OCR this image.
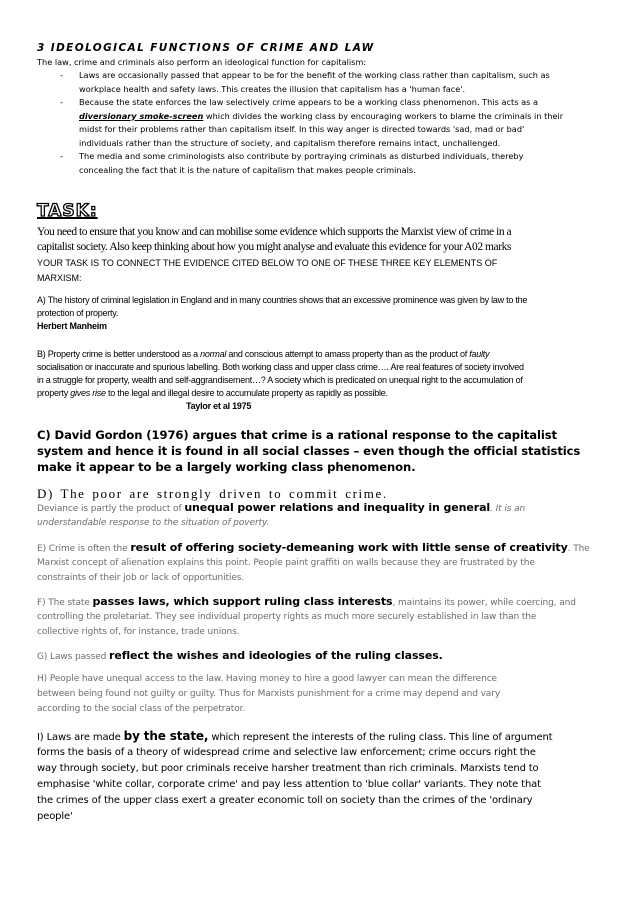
3 IDEOLOGICAL FUNCTIONS OF CRIME AND LAW
The law, crime and criminals also perform an ideological function for capitalism:
- Laws are occasionally passed that appear to be for the benefit of the working class rather than capitalism, such as
workplace health and safety laws. This creates the illusion that capitalism has a 'human face'.
- Because the state enforces the law selectively crime appears to be a working class phenomenon. This acts as a
diversionary smoke-screen which divides the working class by encouraging workers to blame the criminals in their
midst for their problems rather than capitalism itself. In this way anger is directed towards 'sad, mad or bad'
individuals rather than the structure of society, and capitalism therefore remains intact, unchallenged.
- The media and some criminologists also contribute by portraying criminals as disturbed individuals, thereby
concealing the fact that it is the nature of capitalism that makes people criminals.
TASK:
You need to ensure that you know and can mobilise some evidence which supports the Marxist view of crime in a
capitalist society. Also keep thinking about how you might analyse and evaluate this evidence for your A02 marks
YOUR TASK IS TO CONNECT THE EVIDENCE CITED BELOW TO ONE OF THESE THREE KEY ELEMENTS OF
MARXISM:
A) The history of criminal legislation in England and in many countries shows that an excessive prominence was given by law to the
protection of property.
Herbert Manheim
B) Property crime is better understood as a normal and conscious attempt to amass property than as the product of faulty
socialisation or inaccurate and spurious labelling. Both working class and upper class crime…. Are real features of society involved
in a struggle for property, wealth and self-aggrandisement…? A society which is predicated on unequal right to the accumulation of
property gives rise to the legal and illegal desire to accumulate property as rapidly as possible.
Taylor et al 1975
C) David Gordon (1976) argues that crime is a rational response to the capitalist
system and hence it is found in all social classes – even though the official statistics
make it appear to be a largely working class phenomenon.
D) The poor are strongly driven to commit crime.
Deviance is partly the product of unequal power relations and inequality in general. It is an
understandable response to the situation of poverty.
E) Crime is often the result of offering society-demeaning work with little sense of creativity. The
Marxist concept of alienation explains this point. People paint graffiti on walls because they are frustrated by the
constraints of their job or lack of opportunities.
F) The state passes laws, which support ruling class interests, maintains its power, while coercing, and
controlling the proletariat. They see individual property rights as much more securely established in law than the
collective rights of, for instance, trade unions.
G) Laws passed reflect the wishes and ideologies of the ruling classes.
H) People have unequal access to the law. Having money to hire a good lawyer can mean the difference
between being found not guilty or guilty. Thus for Marxists punishment for a crime may depend and vary
according to the social class of the perpetrator.
I) Laws are made by the state, which represent the interests of the ruling class. This line of argument
forms the basis of a theory of widespread crime and selective law enforcement; crime occurs right the
way through society, but poor criminals receive harsher treatment than rich criminals. Marxists tend to
emphasise 'white collar, corporate crime' and pay less attention to 'blue collar' variants. They note that
the crimes of the upper class exert a greater economic toll on society than the crimes of the 'ordinary
people'
